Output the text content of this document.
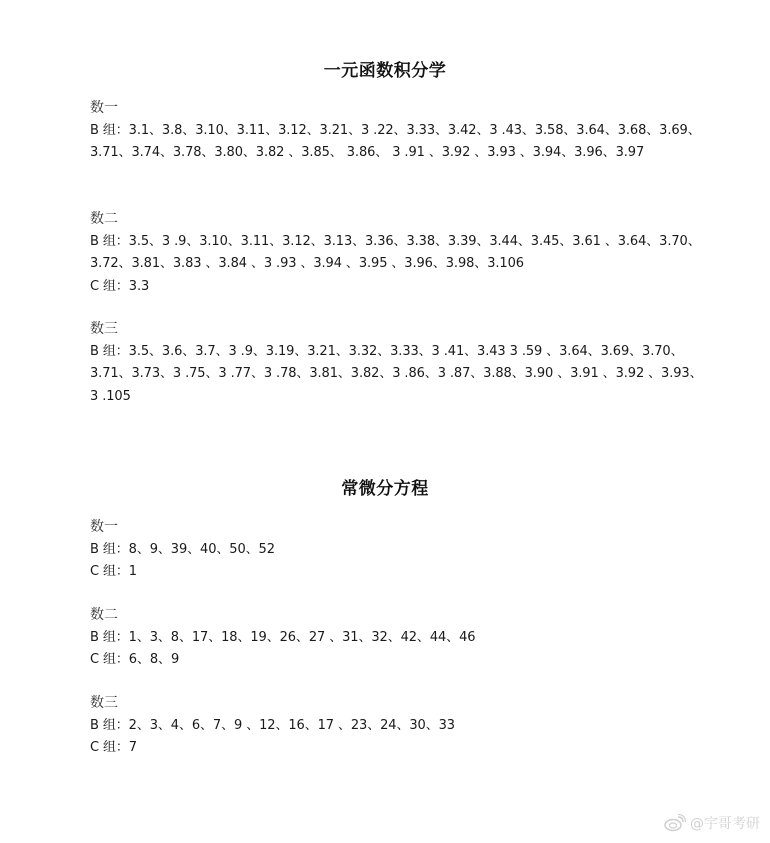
一元函数积分学
数一
B 组：3.1、3.8、3.10、3.11、3.12、3.21、3 .22、3.33、3.42、3 .43、3.58、3.64、3.68、3.69、
3.71、3.74、3.78、3.80、3.82 、3.85、 3.86、 3 .91 、3.92 、3.93 、3.94、3.96、3.97
数二
B 组：3.5、3 .9、3.10、3.11、3.12、3.13、3.36、3.38、3.39、3.44、3.45、3.61 、3.64、3.70、
3.72、3.81、3.83 、3.84 、3 .93 、3.94 、3.95 、3.96、3.98、3.106
C 组：3.3
数三
B 组：3.5、3.6、3.7、3 .9、3.19、3.21、3.32、3.33、3 .41、3.43 3 .59 、3.64、3.69、3.70、
3.71、3.73、3 .75、3 .77、3 .78、3.81、3.82、3 .86、3 .87、3.88、3.90 、3.91 、3.92 、3.93、
3 .105
常微分方程
数一
B 组：8、9、39、40、50、52
C 组：1
数二
B 组：1、3、8、17、18、19、26、27 、31、32、42、44、46
C 组：6、8、9
数三
B 组：2、3、4、6、7、9 、12、16、17 、23、24、30、33
C 组：7
@宇哥考研
